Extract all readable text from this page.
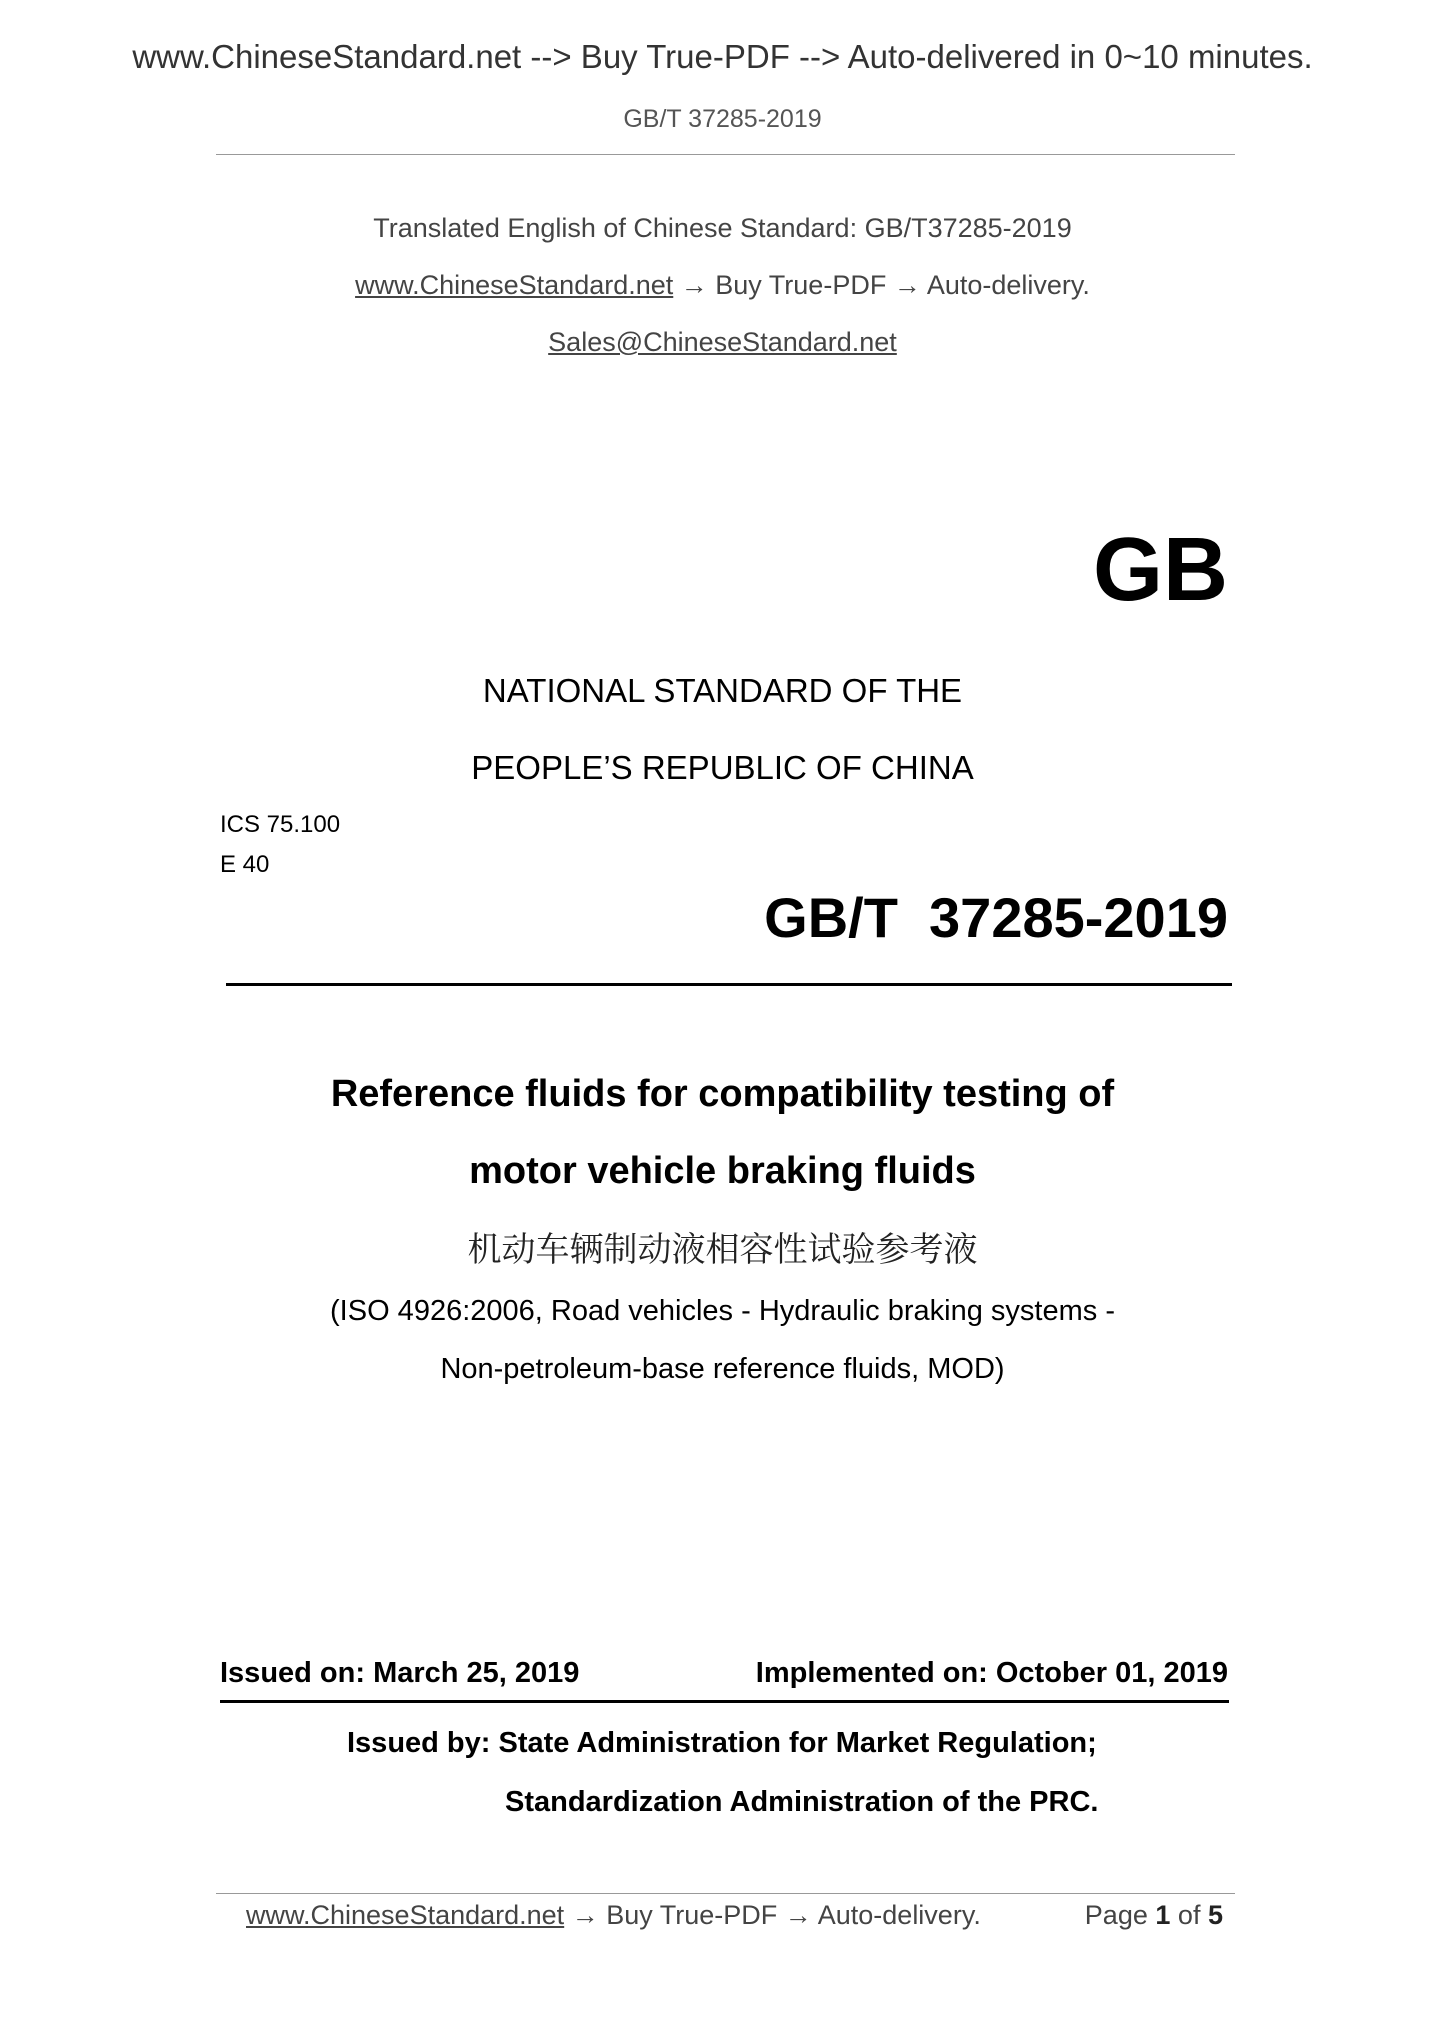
www.ChineseStandard.net --> Buy True-PDF --> Auto-delivered in 0~10 minutes.
GB/T 37285-2019
Translated English of Chinese Standard: GB/T37285-2019
www.ChineseStandard.net → Buy True-PDF → Auto-delivery.
Sales@ChineseStandard.net
GB
NATIONAL STANDARD OF THE
PEOPLE’S REPUBLIC OF CHINA
ICS 75.100
E 40
GB/T  37285-2019
Reference fluids for compatibility testing of
motor vehicle braking fluids
机动车辆制动液相容性试验参考液
(ISO 4926:2006, Road vehicles - Hydraulic braking systems -
Non-petroleum-base reference fluids, MOD)
Issued on: March 25, 2019	Implemented on: October 01, 2019
Issued by: State Administration for Market Regulation;
Standardization Administration of the PRC.
www.ChineseStandard.net → Buy True-PDF → Auto-delivery.	Page 1 of 5
